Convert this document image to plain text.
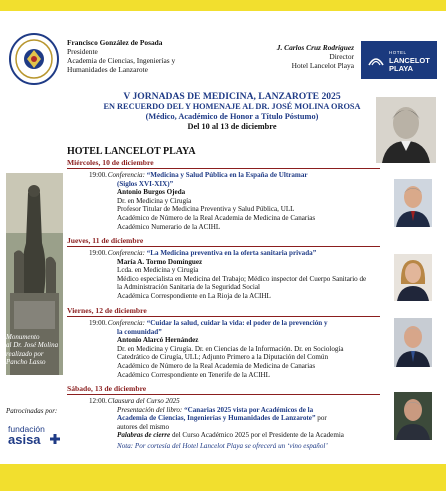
Francisco González de Posada
Presidente
Academia de Ciencias, Ingenierías y
Humanidades de Lanzarote
J. Carlos Cruz Rodríguez
Director
Hotel Lancelot Playa
HOTEL
LANCELOT
PLAYA
V JORNADAS DE MEDICINA, LANZAROTE 2025
EN RECUERDO DEL Y HOMENAJE AL DR. JOSÉ MOLINA OROSA
(Médico, Académico de Honor a Título Póstumo)
Del 10 al 13 de diciembre
HOTEL LANCELOT PLAYA
Monumento
al Dr. José Molina
realizado por
Pancho Lasso
Miércoles, 10 de diciembre
19:00. Conferencia: “Medicina y Salud Pública en la España de Ultramar
(Siglos XVI-XIX)”
Antonio Burgos Ojeda
Dr. en Medicina y Cirugía
Profesor Titular de Medicina Preventiva y Salud Pública, ULL
Académico de Número de la Real Academia de Medicina de Canarias
Académico Numerario de la ACIHL
Jueves, 11 de diciembre
19:00. Conferencia: “La Medicina preventiva en la oferta sanitaria privada”
María A. Tormo Domínguez
Lcda. en Medicina y Cirugía
Médico especialista en Medicina del Trabajo; Médico inspector del Cuerpo Sanitario de
la Administración Sanitaria de la Seguridad Social
Académica Correspondiente en La Rioja de la ACIHL
Viernes, 12 de diciembre
19:00. Conferencia: “Cuidar la salud, cuidar la vida: el poder de la prevención y
la comunidad”
Antonio Alarcó Hernández
Dr. en Medicina y Cirugía. Dr. en Ciencias de la Información. Dr. en Sociología
Catedrático de Cirugía, ULL; Adjunto Primero a la Diputación del Común
Académico de Número de la Real Academia de Medicina de Canarias
Académico Correspondiente en Tenerife de la ACIHL
Sábado, 13 de diciembre
12:00. Clausura del Curso 2025
Presentación del libro: “Canarias 2025 vista por Académicos de la
Academia de Ciencias, Ingenierías y Humanidades de Lanzarote” por
autores del mismo
Palabras de cierre del Curso Académico 2025 por el Presidente de la Academia
Nota: Por cortesía del Hotel Lancelot Playa se ofrecerá un ‘vino español’
Patrocinadas por:
fundación
asisa
